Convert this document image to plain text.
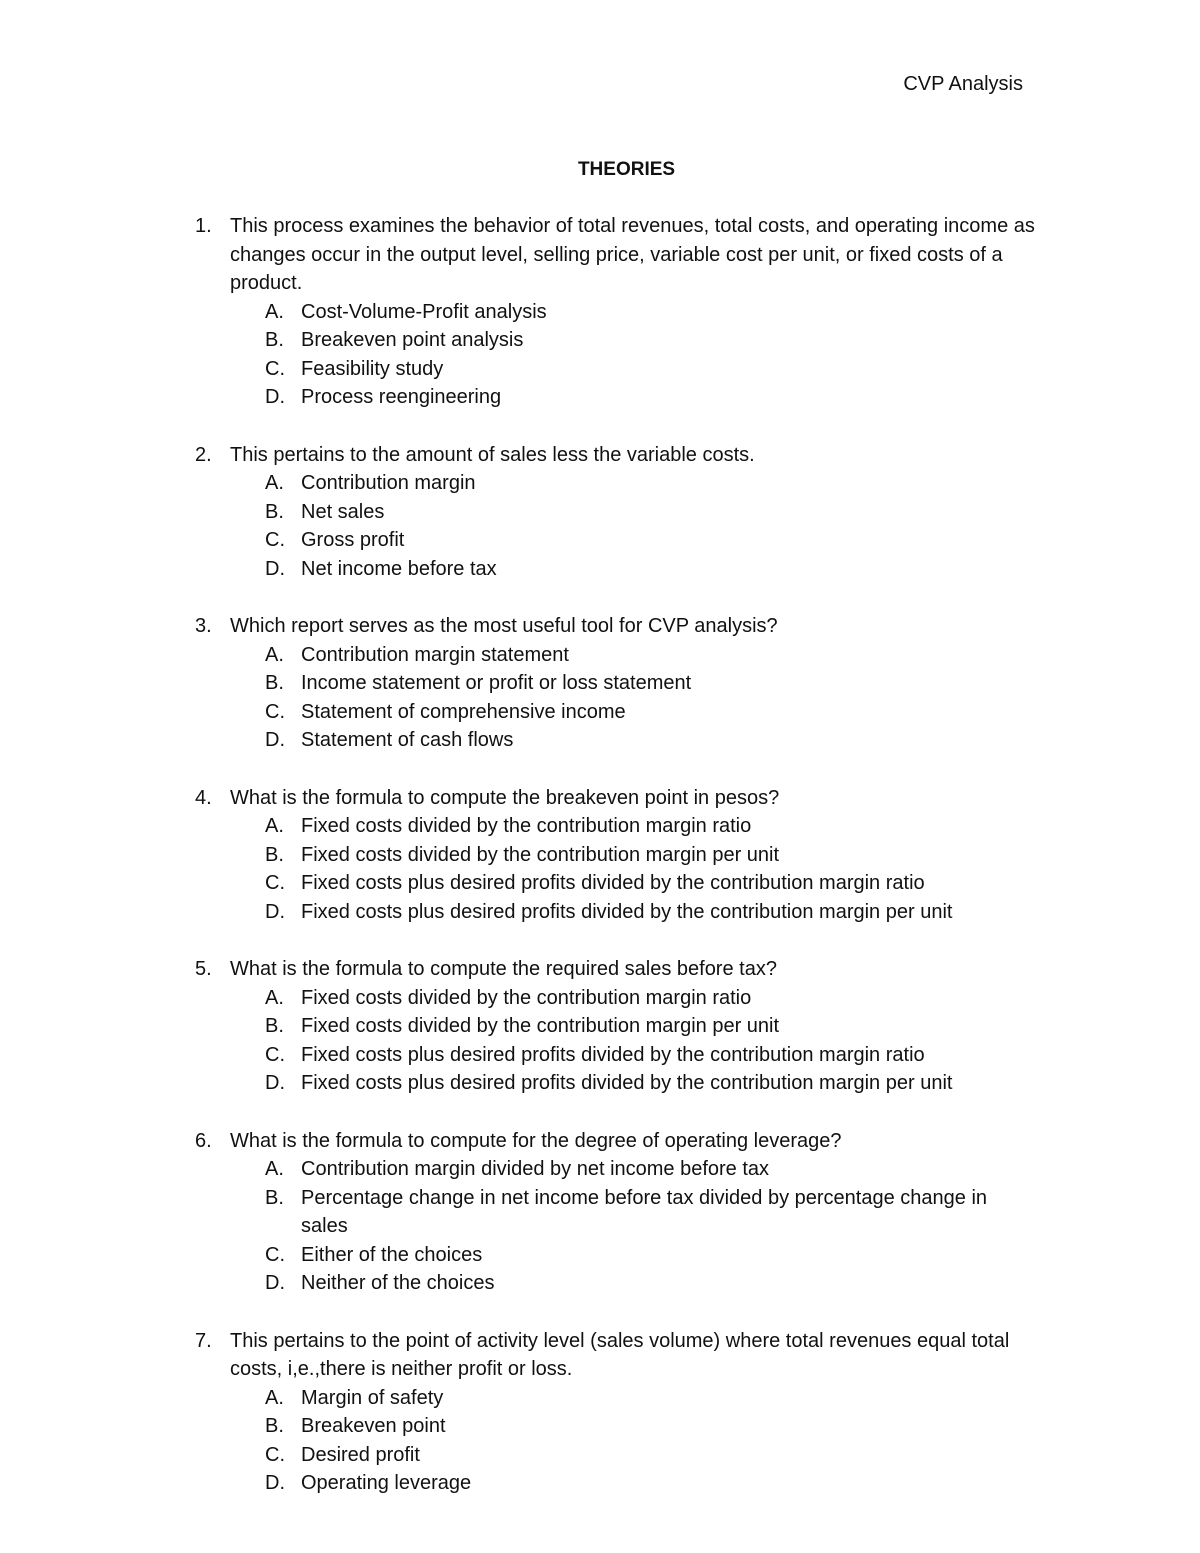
CVP Analysis
THEORIES
1. This process examines the behavior of total revenues, total costs, and operating income as changes occur in the output level, selling price, variable cost per unit, or fixed costs of a product.
A. Cost-Volume-Profit analysis
B. Breakeven point analysis
C. Feasibility study
D. Process reengineering
2. This pertains to the amount of sales less the variable costs.
A. Contribution margin
B. Net sales
C. Gross profit
D. Net income before tax
3. Which report serves as the most useful tool for CVP analysis?
A. Contribution margin statement
B. Income statement or profit or loss statement
C. Statement of comprehensive income
D. Statement of cash flows
4. What is the formula to compute the breakeven point in pesos?
A. Fixed costs divided by the contribution margin ratio
B. Fixed costs divided by the contribution margin per unit
C. Fixed costs plus desired profits divided by the contribution margin ratio
D. Fixed costs plus desired profits divided by the contribution margin per unit
5. What is the formula to compute the required sales before tax?
A. Fixed costs divided by the contribution margin ratio
B. Fixed costs divided by the contribution margin per unit
C. Fixed costs plus desired profits divided by the contribution margin ratio
D. Fixed costs plus desired profits divided by the contribution margin per unit
6. What is the formula to compute for the degree of operating leverage?
A. Contribution margin divided by net income before tax
B. Percentage change in net income before tax divided by percentage change in sales
C. Either of the choices
D. Neither of the choices
7. This pertains to the point of activity level (sales volume) where total revenues equal total costs, i,e.,there is neither profit or loss.
A. Margin of safety
B. Breakeven point
C. Desired profit
D. Operating leverage
